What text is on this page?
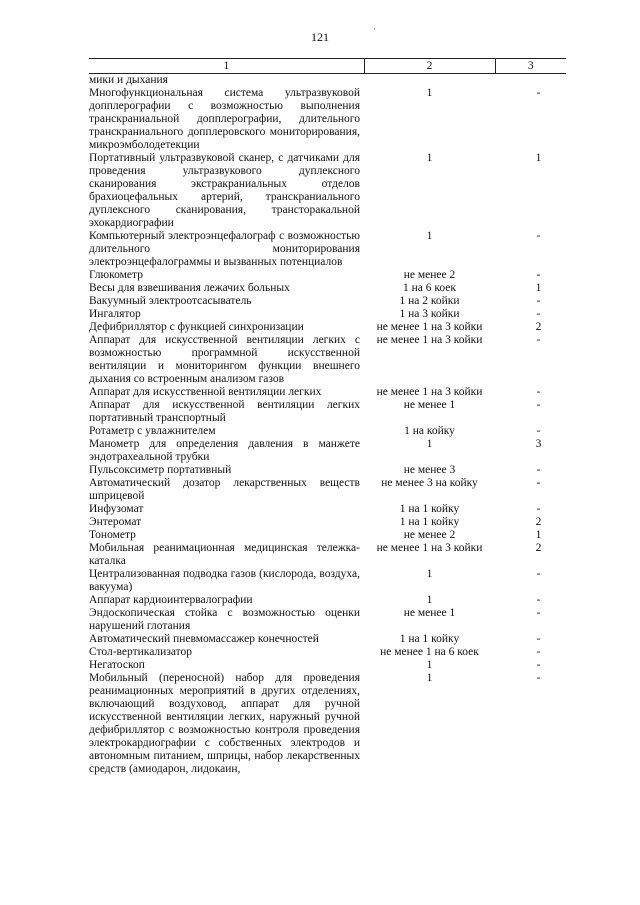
121
·
1	2	3
мики и дыхания		
Многофункциональная система ультразвуковой допплерографии с возможностью выполнения транскраниальной допплерографии, длительного транскраниального допплеровского мониторирования, микроэмболодетекции	1	-
Портативный ультразвуковой сканер, с датчиками для проведения ультразвукового дуплексного сканирования экстракраниальных отделов брахиоцефальных артерий, транскраниального дуплексного сканирования, трансторакальной эхокардиографии	1	1
Компьютерный электроэнцефалограф с возможностью длительного мониторирования электроэнцефалограммы и вызванных потенциалов	1	-
Глюкометр	не менее 2	-
Весы для взвешивания лежачих больных	1 на 6 коек	1
Вакуумный электроотсасыватель	1 на 2 койки	-
Ингалятор	1 на 3 койки	-
Дефибриллятор с функцией синхронизации	не менее 1 на 3 койки	2
Аппарат для искусственной вентиляции легких с возможностью программной искусственной вентиляции и мониторингом функции внешнего дыхания со встроенным анализом газов	не менее 1 на 3 койки	-
Аппарат для искусственной вентиляции легких	не менее 1 на 3 койки	-
Аппарат для искусственной вентиляции легких портативный транспортный	не менее 1	-
Ротаметр с увлажнителем	1 на койку	-
Манометр для определения давления в манжете эндотрахеальной трубки	1	3
Пульсоксиметр портативный	не менее 3	-
Автоматический дозатор лекарственных веществ шприцевой	не менее 3 на койку	-
Инфузомат	1 на 1 койку	-
Энтеромат	1 на 1 койку	2
Тонометр	не менее 2	1
Мобильная реанимационная медицинская тележка-каталка	не менее 1 на 3 койки	2
Централизованная подводка газов (кислорода, воздуха, вакуума)	1	-
Аппарат кардиоинтервалографии	1	-
Эндоскопическая стойка с возможностью оценки нарушений глотания	не менее 1	-
Автоматический пневмомассажер конечностей	1 на 1 койку	-
Стол-вертикализатор	не менее 1 на 6 коек	-
Негатоскоп	1	-
Мобильный (переносной) набор для проведения реанимационных мероприятий в других отделениях, включающий воздуховод, аппарат для ручной искусственной вентиляции легких, наружный ручной дефибриллятор с возможностью контроля проведения электрокардиографии с собственных электродов и автономным питанием, шприцы, набор лекарственных средств (амиодарон, лидокаин,	1	-
